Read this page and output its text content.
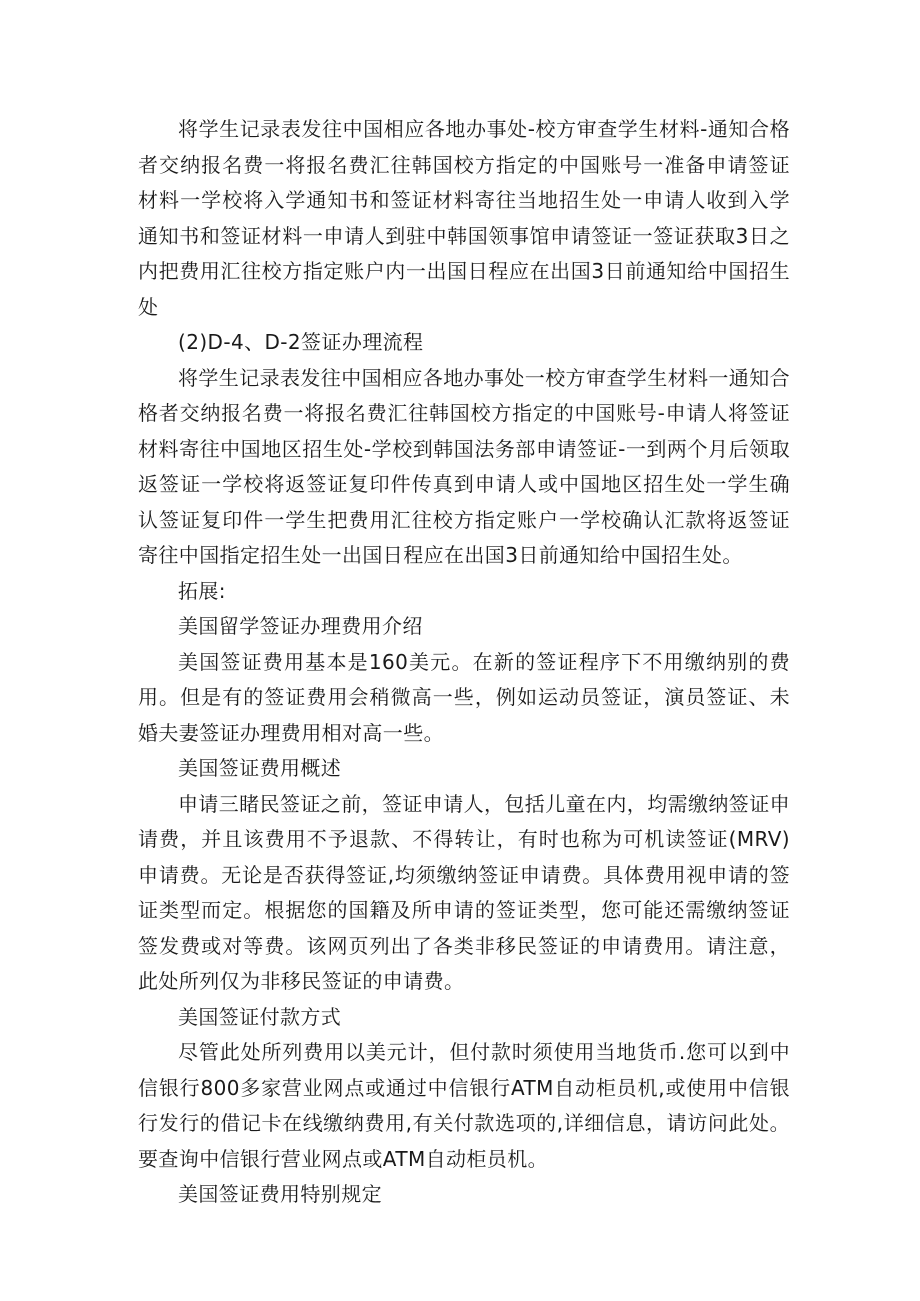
将学生记录表发往中国相应各地办事处-校方审查学生材料-通知合格者交纳报名费一将报名费汇往韩国校方指定的中国账号一准备申请签证材料一学校将入学通知书和签证材料寄往当地招生处一申请人收到入学通知书和签证材料一申请人到驻中韩国领事馆申请签证一签证获取3日之内把费用汇往校方指定账户内一出国日程应在出国3日前通知给中国招生处

(2)D-4、D-2签证办理流程

将学生记录表发往中国相应各地办事处一校方审查学生材料一通知合格者交纳报名费一将报名费汇往韩国校方指定的中国账号-申请人将签证材料寄往中国地区招生处-学校到韩国法务部申请签证-一到两个月后领取返签证一学校将返签证复印件传真到申请人或中国地区招生处一学生确认签证复印件一学生把费用汇往校方指定账户一学校确认汇款将返签证寄往中国指定招生处一出国日程应在出国3日前通知给中国招生处。

拓展:

美国留学签证办理费用介绍

美国签证费用基本是160美元。在新的签证程序下不用缴纳别的费用。但是有的签证费用会稍微高一些，例如运动员签证，演员签证、未婚夫妻签证办理费用相对高一些。

美国签证费用概述

申请三睹民签证之前，签证申请人，包括儿童在内，均需缴纳签证申请费，并且该费用不予退款、不得转让，有时也称为可机读签证(MRV)申请费。无论是否获得签证,均须缴纳签证申请费。具体费用视申请的签证类型而定。根据您的国籍及所申请的签证类型，您可能还需缴纳签证签发费或对等费。该网页列出了各类非移民签证的申请费用。请注意，此处所列仅为非移民签证的申请费。

美国签证付款方式

尽管此处所列费用以美元计，但付款时须使用当地货币.您可以到中信银行800多家营业网点或通过中信银行ATM自动柜员机,或使用中信银行发行的借记卡在线缴纳费用,有关付款选项的,详细信息，请访问此处。要查询中信银行营业网点或ATM自动柜员机。

美国签证费用特别规定
